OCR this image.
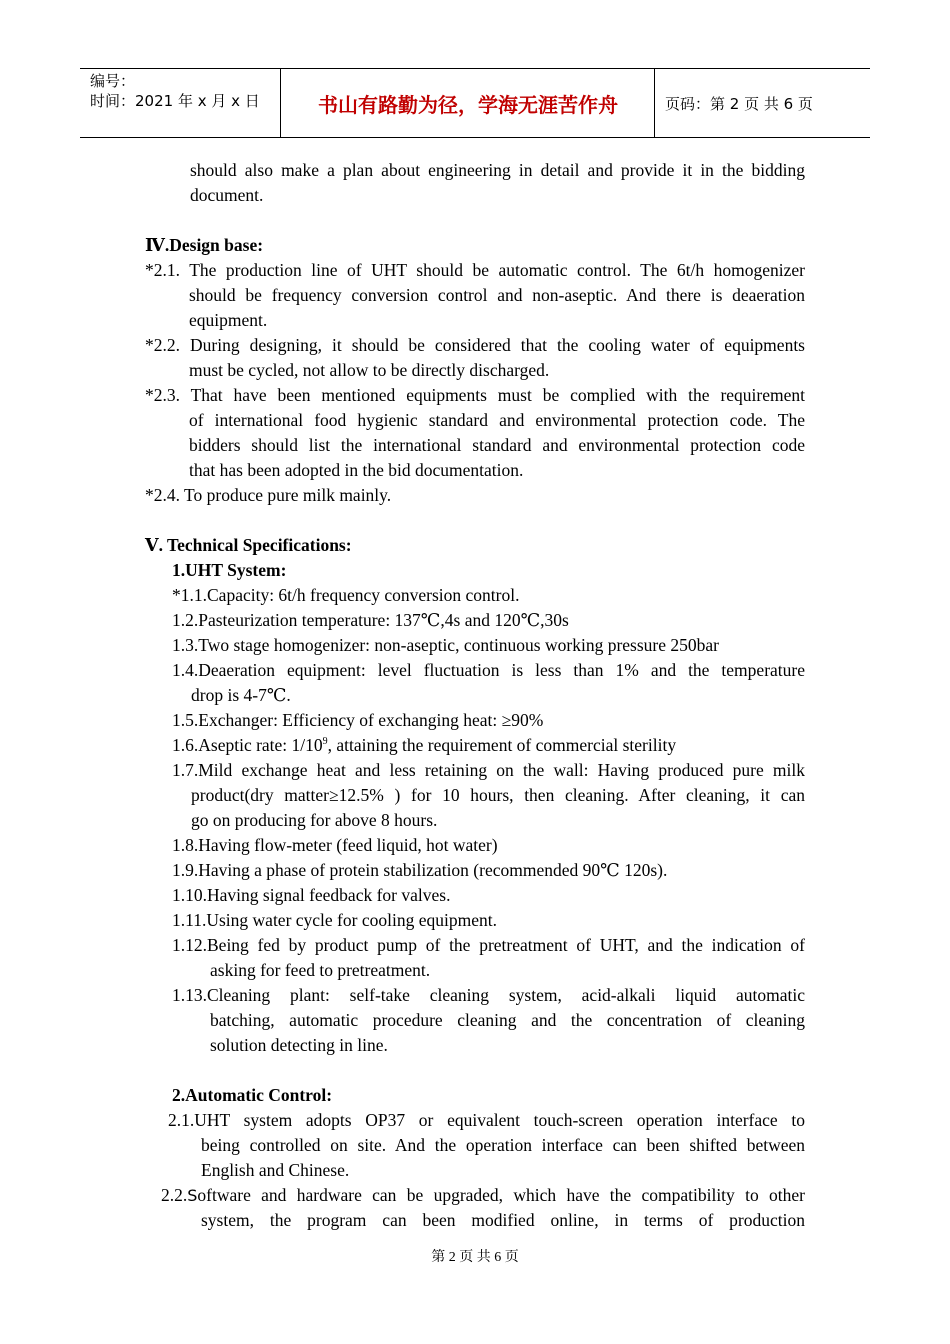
编号：
时间：2021 年 x 月 x 日	书山有路勤为径，学海无涯苦作舟	页码：第 2 页 共 6 页
should also make a plan about engineering in detail and provide it in the bidding
document.
Ⅳ.Design base:
*2.1. The production line of UHT should be automatic control. The 6t/h homogenizer
should be frequency conversion control and non-aseptic. And there is deaeration
equipment.
*2.2. During designing, it should be considered that the cooling water of equipments
must be cycled, not allow to be directly discharged.
*2.3. That have been mentioned equipments must be complied with the requirement
of international food hygienic standard and environmental protection code. The
bidders should list the international standard and environmental protection code
that has been adopted in the bid documentation.
*2.4. To produce pure milk mainly.
Ⅴ. Technical Specifications:
1.UHT System:
*1.1.Capacity: 6t/h frequency conversion control.
1.2.Pasteurization temperature: 137℃,4s and 120℃,30s
1.3.Two stage homogenizer: non-aseptic, continuous working pressure 250bar
1.4.Deaeration equipment: level fluctuation is less than 1% and the temperature
drop is 4-7℃.
1.5.Exchanger: Efficiency of exchanging heat: ≥90%
1.6.Aseptic rate: $1/10^9$, attaining the requirement of commercial sterility
1.7.Mild exchange heat and less retaining on the wall: Having produced pure milk
product(dry matter≥12.5% ) for 10 hours, then cleaning. After cleaning, it can
go on producing for above 8 hours.
1.8.Having flow-meter (feed liquid, hot water)
1.9.Having a phase of protein stabilization (recommended 90℃ 120s).
1.10.Having signal feedback for valves.
1.11.Using water cycle for cooling equipment.
1.12.Being fed by product pump of the pretreatment of UHT, and the indication of
asking for feed to pretreatment.
1.13.Cleaning plant: self-take cleaning system, acid-alkali liquid automatic
batching, automatic procedure cleaning and the concentration of cleaning
solution detecting in line.
2.Automatic Control:
2.1.UHT system adopts OP37 or equivalent touch-screen operation interface to
being controlled on site. And the operation interface can been shifted between
English and Chinese.
2.2.Software and hardware can be upgraded, which have the compatibility to other
system, the program can been modified online, in terms of production
第 2 页 共 6 页
